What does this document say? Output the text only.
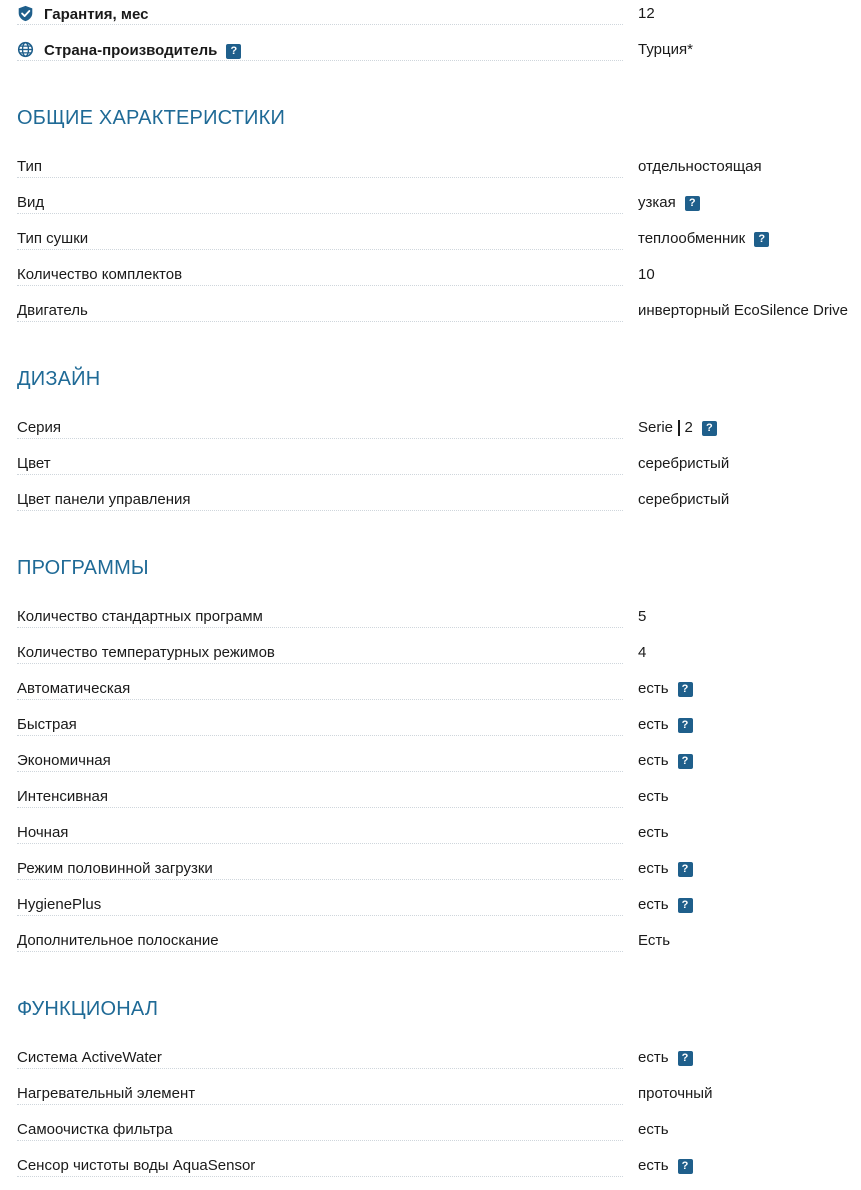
Гарантия, мес	12
Страна-производитель ?	Турция*
ОБЩИЕ ХАРАКТЕРИСТИКИ
Тип	отдельностоящая
Вид	узкая	?
Тип сушки	теплообменник	?
Количество комплектов	10
Двигатель	инверторный EcoSilence Drive
ДИЗАЙН
Серия	Serie 2	?
Цвет	серебристый
Цвет панели управления	серебристый
ПРОГРАММЫ
Количество стандартных программ	5
Количество температурных режимов	4
Автоматическая	есть	?
Быстрая	есть	?
Экономичная	есть	?
Интенсивная	есть
Ночная	есть
Режим половинной загрузки	есть	?
HygienePlus	есть	?
Дополнительное полоскание	Есть
ФУНКЦИОНАЛ
Система ActiveWater	есть	?
Нагревательный элемент	проточный
Самоочистка фильтра	есть
Сенсор чистоты воды AquaSensor	есть	?
